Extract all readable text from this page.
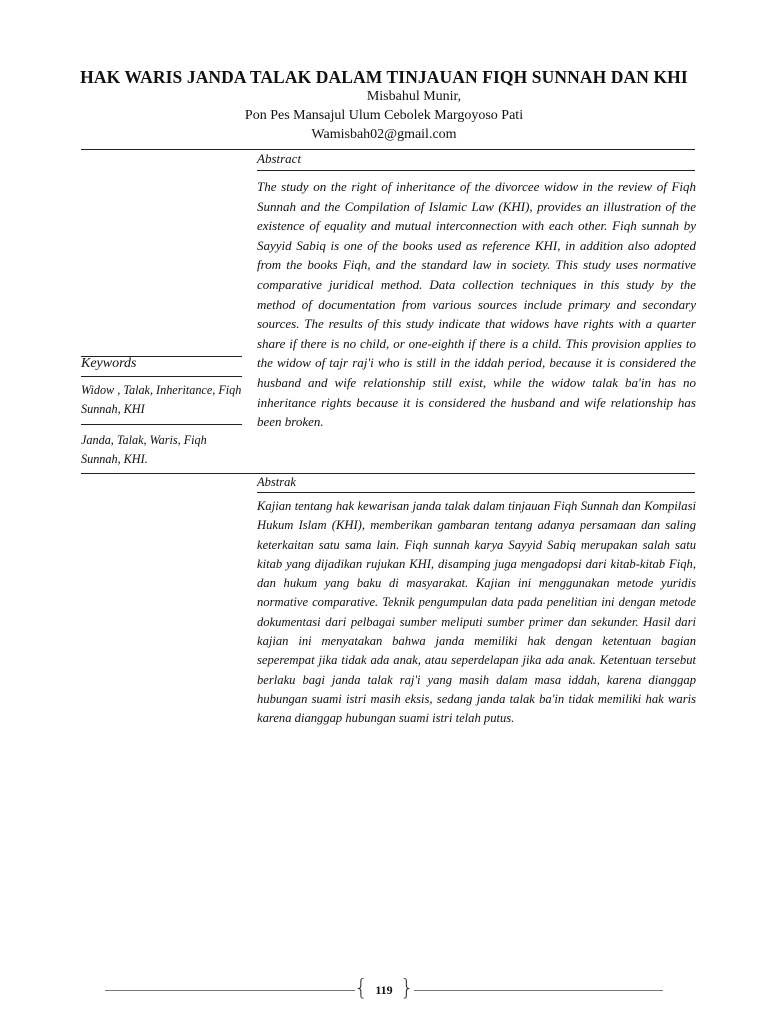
HAK WARIS JANDA TALAK DALAM TINJAUAN FIQH SUNNAH DAN KHI
Misbahul Munir,
Pon Pes Mansajul Ulum Cebolek Margoyoso Pati
Wamisbah02@gmail.com
Abstract
The study on the right of inheritance of the divorcee widow in the review of Fiqh Sunnah and the Compilation of Islamic Law (KHI), provides an illustration of the existence of equality and mutual interconnection with each other. Fiqh sunnah by Sayyid Sabiq is one of the books used as reference KHI, in addition also adopted from the books Fiqh, and the standard law in society. This study uses normative comparative juridical method. Data collection techniques in this study by the method of documentation from various sources include primary and secondary sources. The results of this study indicate that widows have rights with a quarter share if there is no child, or one-eighth if there is a child. This provision applies to the widow of tajr raj'i who is still in the iddah period, because it is considered the husband and wife relationship still exist, while the widow talak ba'in has no inheritance rights because it is considered the husband and wife relationship has been broken.
Keywords
Widow , Talak, Inheritance, Fiqh Sunnah, KHI
Janda, Talak, Waris, Fiqh Sunnah, KHI.
Abstrak
Kajian tentang hak kewarisan janda talak dalam tinjauan Fiqh Sunnah dan Kompilasi Hukum Islam (KHI), memberikan gambaran tentang adanya persamaan dan saling keterkaitan satu sama lain. Fiqh sunnah karya Sayyid Sabiq merupakan salah satu kitab yang dijadikan rujukan KHI, disamping juga mengadopsi dari kitab-kitab Fiqh, dan hukum yang baku di masyarakat. Kajian ini menggunakan metode yuridis normative comparative. Teknik pengumpulan data pada penelitian ini dengan metode dokumentasi dari pelbagai sumber meliputi sumber primer dan sekunder. Hasil dari kajian ini menyatakan bahwa janda memiliki hak dengan ketentuan bagian seperempat jika tidak ada anak, atau seperdelapan jika ada anak. Ketentuan tersebut berlaku bagi janda talak raj'i yang masih dalam masa iddah, karena dianggap hubungan suami istri masih eksis, sedang janda talak ba'in tidak memiliki hak waris karena dianggap hubungan suami istri telah putus.
{ 119 }
